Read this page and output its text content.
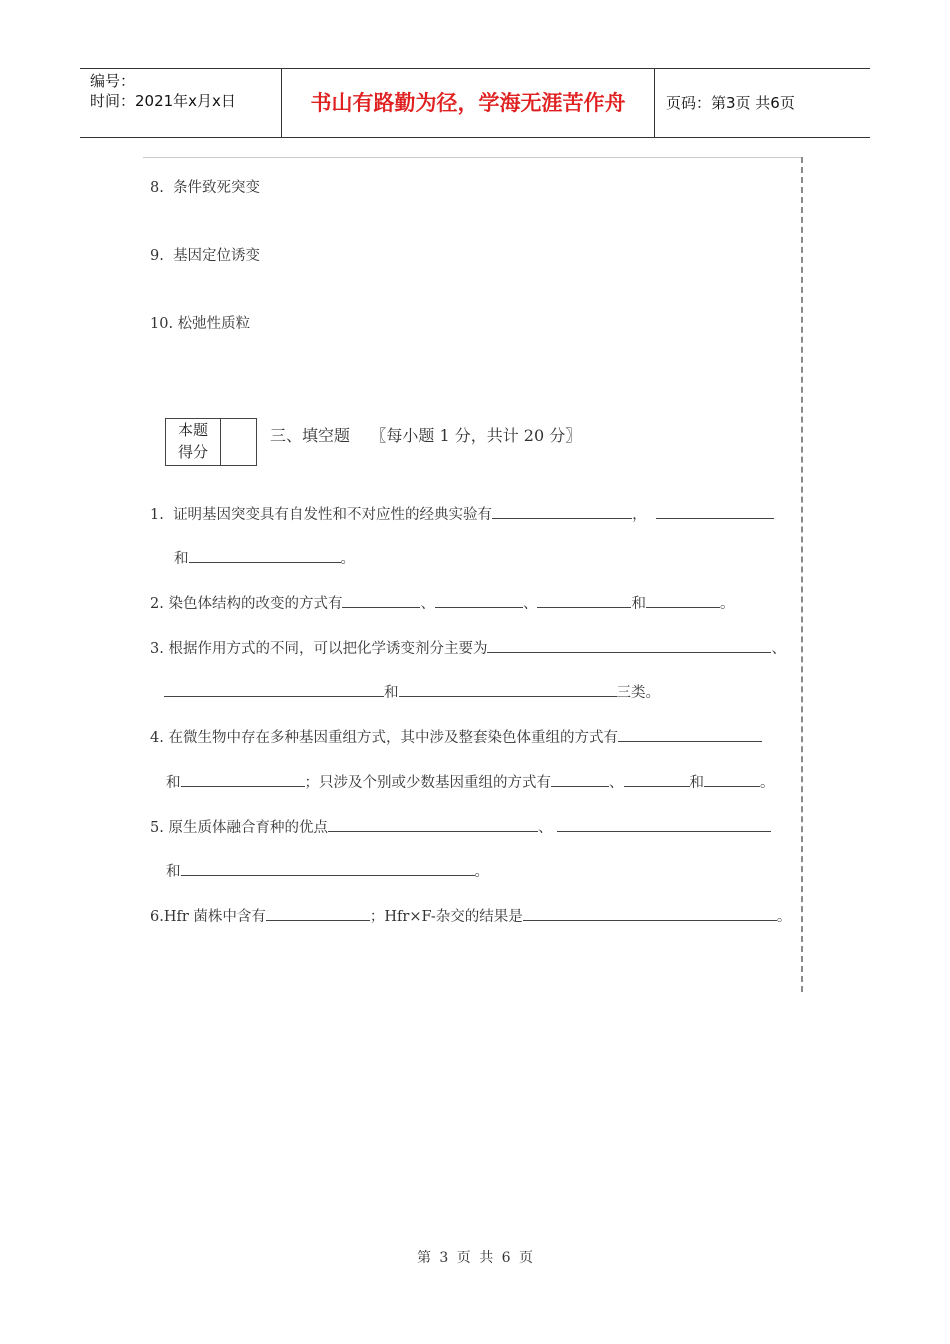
编号：
时间：2021年x月x日	书山有路勤为径，学海无涯苦作舟	页码：第3页 共6页
8. 条件致死突变
9. 基因定位诱变
10. 松弛性质粒
本题
得分
三、填空题 〖每小题 1 分，共计 20 分〗
1. 证明基因突变具有自发性和不对应性的经典实验有	，
和	。
2. 染色体结构的改变的方式有	、	、	和	。
3. 根据作用方式的不同，可以把化学诱变剂分主要为	、
和	三类。
4. 在微生物中存在多种基因重组方式，其中涉及整套染色体重组的方式有
和	；只涉及个别或少数基因重组的方式有	、	和	。
5. 原生质体融合育种的优点	、
和	。
6.Hfr 菌株中含有	；Hfr×F-杂交的结果是	。
第 3 页 共 6 页
